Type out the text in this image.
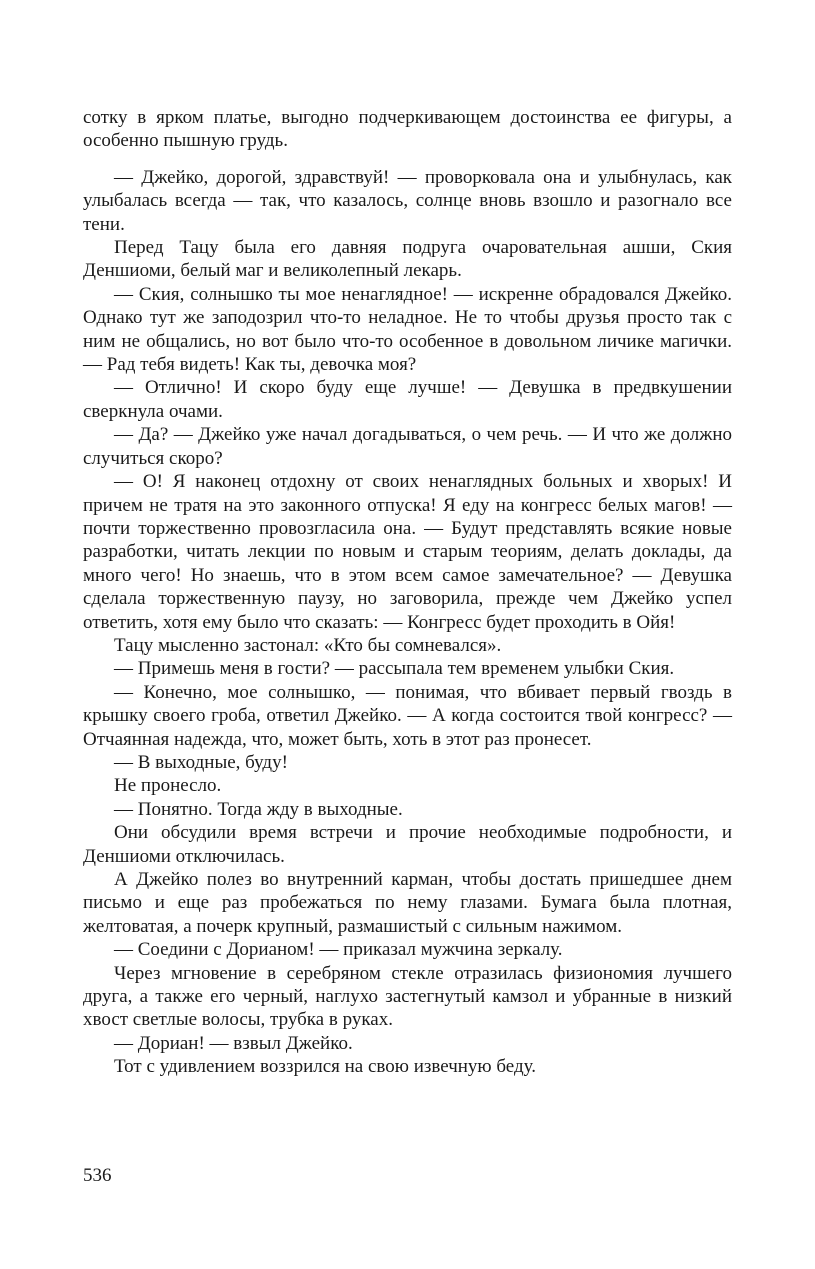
сотку в ярком платье, выгодно подчеркивающем достоинства ее фигуры, а особенно пышную грудь.

— Джейко, дорогой, здравствуй! — проворковала она и улыбнулась, как улыбалась всегда — так, что казалось, солнце вновь взошло и разогнало все тени.

Перед Тацу была его давняя подруга очаровательная ашши, Ския Деншиоми, белый маг и великолепный лекарь.

— Ския, солнышко ты мое ненаглядное! — искренне обрадовался Джейко. Однако тут же заподозрил что-то неладное. Не то чтобы друзья просто так с ним не общались, но вот было что-то особенное в довольном личике магички. — Рад тебя видеть! Как ты, девочка моя?

— Отлично! И скоро буду еще лучше! — Девушка в предвкушении сверкнула очами.

— Да? — Джейко уже начал догадываться, о чем речь. — И что же должно случиться скоро?

— О! Я наконец отдохну от своих ненаглядных больных и хворых! И причем не тратя на это законного отпуска! Я еду на конгресс белых магов! — почти торжественно провозгласила она. — Будут представлять всякие новые разработки, читать лекции по новым и старым теориям, делать доклады, да много чего! Но знаешь, что в этом всем самое замечательное? — Девушка сделала торжественную паузу, но заговорила, прежде чем Джейко успел ответить, хотя ему было что сказать: — Конгресс будет проходить в Ойя!

Тацу мысленно застонал: «Кто бы сомневался».

— Примешь меня в гости? — рассыпала тем временем улыбки Ския.

— Конечно, мое солнышко, — понимая, что вбивает первый гвоздь в крышку своего гроба, ответил Джейко. — А когда состоится твой конгресс? — Отчаянная надежда, что, может быть, хоть в этот раз пронесет.

— В выходные, буду!

Не пронесло.

— Понятно. Тогда жду в выходные.

Они обсудили время встречи и прочие необходимые подробности, и Деншиоми отключилась.

А Джейко полез во внутренний карман, чтобы достать пришедшее днем письмо и еще раз пробежаться по нему глазами. Бумага была плотная, желтоватая, а почерк крупный, размашистый с сильным нажимом.

— Соедини с Дорианом! — приказал мужчина зеркалу.

Через мгновение в серебряном стекле отразилась физиономия лучшего друга, а также его черный, наглухо застегнутый камзол и убранные в низкий хвост светлые волосы, трубка в руках.

— Дориан! — взвыл Джейко.

Тот с удивлением воззрился на свою извечную беду.

536
